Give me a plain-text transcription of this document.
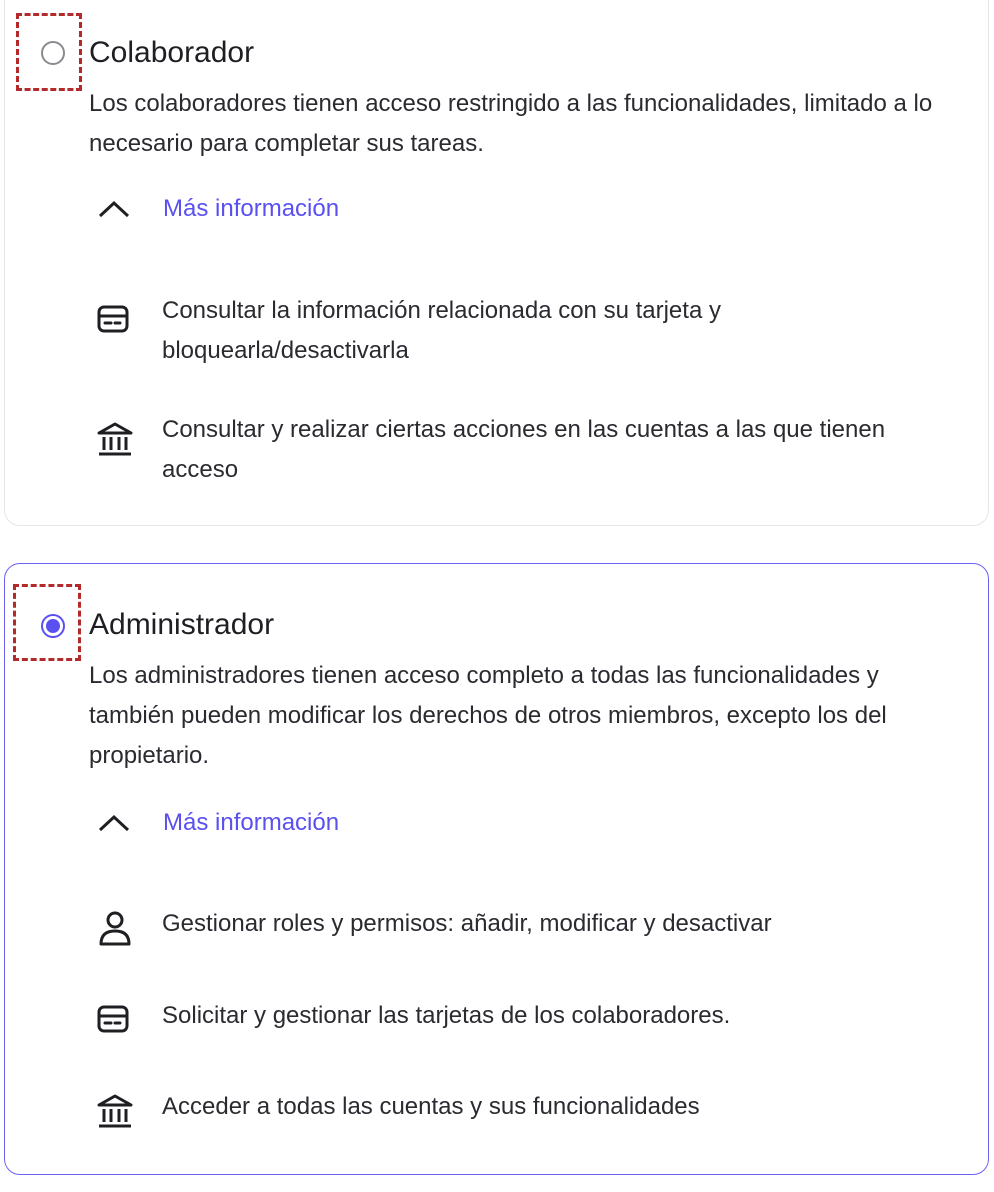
Colaborador

Los colaboradores tienen acceso restringido a las funcionalidades, limitado a lo necesario para completar sus tareas.

Más información

Consultar la información relacionada con su tarjeta y bloquearla/desactivarla

Consultar y realizar ciertas acciones en las cuentas a las que tienen acceso

Administrador

Los administradores tienen acceso completo a todas las funcionalidades y también pueden modificar los derechos de otros miembros, excepto los del propietario.

Más información

Gestionar roles y permisos: añadir, modificar y desactivar

Solicitar y gestionar las tarjetas de los colaboradores.

Acceder a todas las cuentas y sus funcionalidades
